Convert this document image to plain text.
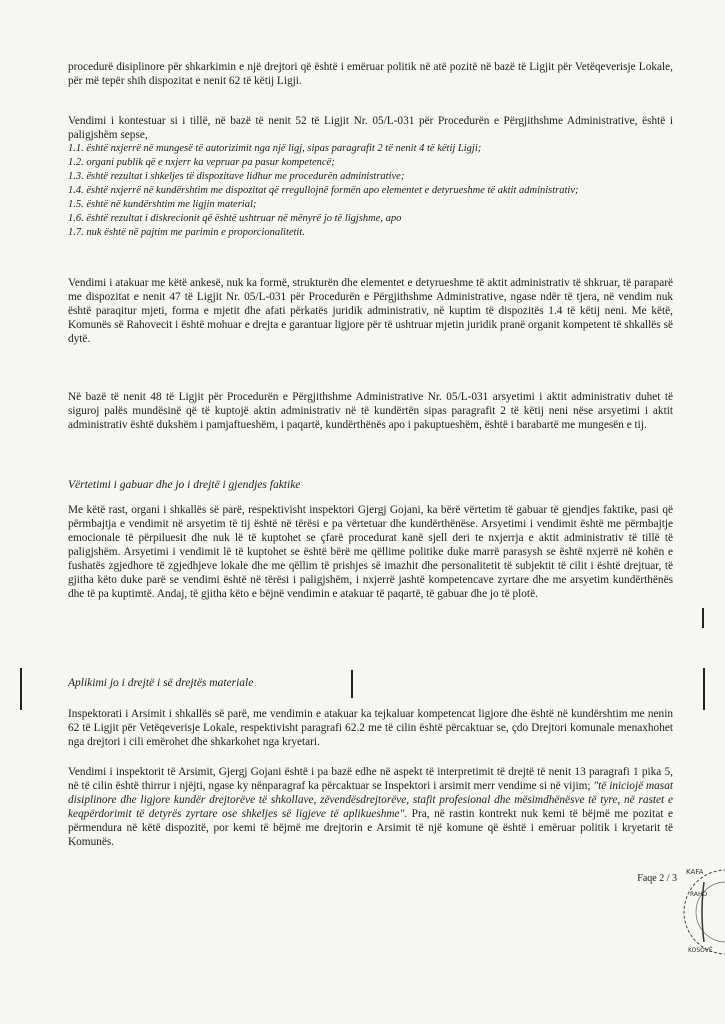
procedurë disiplinore për shkarkimin e një drejtori që është i emëruar politik në atë pozitë në bazë të Ligjit për Vetëqeverisje Lokale, për më tepër shih dispozitat e nenit 62 të këtij Ligji.

Vendimi i kontestuar si i tillë, në bazë të nenit 52 të Ligjit Nr. 05/L-031 për Procedurën e Përgjithshme Administrative, është i paligjshëm sepse,

1.1. është nxjerrë në mungesë të autorizimit nga një ligj, sipas paragrafit 2 të nenit 4 të këtij Ligji;
1.2. organi publik që e nxjerr ka vepruar pa pasur kompetencë;
1.3. është rezultat i shkeljes të dispozitave lidhur me procedurën administrative;
1.4. është nxjerrë në kundërshtim me dispozitat që rregullojnë formën apo elementet e detyrueshme të aktit administrativ;
1.5. është në kundërshtim me ligjin material;
1.6. është rezultat i diskrecionit që është ushtruar në mënyrë jo të ligjshme, apo
1.7. nuk është në pajtim me parimin e proporcionalitetit.

Vendimi i atakuar me këtë ankesë, nuk ka formë, strukturën dhe elementet e detyrueshme të aktit administrativ të shkruar, të paraparë me dispozitat e nenit 47 të Ligjit Nr. 05/L-031 për Procedurën e Përgjithshme Administrative, ngase ndër të tjera, në vendim nuk është paraqitur mjeti, forma e mjetit dhe afati përkatës juridik administrativ, në kuptim të dispozitës 1.4 të këtij neni. Me këtë, Komunës së Rahovecit i është mohuar e drejta e garantuar ligjore për të ushtruar mjetin juridik pranë organit kompetent të shkallës së dytë.

Në bazë të nenit 48 të Ligjit për Procedurën e Përgjithshme Administrative Nr. 05/L-031 arsyetimi i aktit administrativ duhet të siguroj palës mundësinë që të kuptojë aktin administrativ në të kundërtën sipas paragrafit 2 të këtij neni nëse arsyetimi i aktit administrativ është dukshëm i pamjaftueshëm, i paqartë, kundërthënës apo i pakuptueshëm, është i barabartë me mungesën e tij.

Vërtetimi i gabuar dhe jo i drejtë i gjendjes faktike

Me këtë rast, organi i shkallës së parë, respektivisht inspektori Gjergj Gojani, ka bërë vërtetim të gabuar të gjendjes faktike, pasi që përmbajtja e vendimit në arsyetim të tij është në tërësi e pa vërtetuar dhe kundërthënëse. Arsyetimi i vendimit është me përmbajtje emocionale të përpiluesit dhe nuk lë të kuptohet se çfarë procedurat kanë sjell deri te nxjerrja e aktit administrativ të tillë të paligjshëm. Arsyetimi i vendimit lë të kuptohet se është bërë me qëllime politike duke marrë parasysh se është nxjerrë në kohën e fushatës zgjedhore të zgjedhjeve lokale dhe me qëllim të prishjes së imazhit dhe personalitetit të subjektit të cilit i është drejtuar, të gjitha këto duke parë se vendimi është në tërësi i paligjshëm, i nxjerrë jashtë kompetencave zyrtare dhe me arsyetim kundërthënës dhe të pa kuptimtë. Andaj, të gjitha këto e bëjnë vendimin e atakuar të paqartë, të gabuar dhe jo të plotë.

Aplikimi jo i drejtë i së drejtës materiale

Inspektorati i Arsimit i shkallës së parë, me vendimin e atakuar ka tejkaluar kompetencat ligjore dhe është në kundërshtim me nenin 62 të Ligjit për Vetëqeverisje Lokale, respektivisht paragrafi 62.2 me të cilin është përcaktuar se, çdo Drejtori komunale menaxhohet nga drejtori i cili emërohet dhe shkarkohet nga kryetari.

Vendimi i inspektorit të Arsimit, Gjergj Gojani është i pa bazë edhe në aspekt të interpretimit të drejtë të nenit 13 paragrafi 1 pika 5, në të cilin është thirrur i njëjti, ngase ky nënparagraf ka përcaktuar se Inspektori i arsimit merr vendime si në vijim; "të iniciojë masat disiplinore dhe ligjore kundër drejtorëve të shkollave, zëvendësdrejtorëve, stafit profesional dhe mësimdhënësve të tyre, në rastet e keqpërdorimit të detyrës zyrtare ose shkeljes së ligjeve të aplikueshme". Pra, në rastin kontrekt nuk kemi të bëjmë me pozitat e përmendura në këtë dispozitë, por kemi të bëjmë me drejtorin e Arsimit të një komune që është i emëruar politik i kryetarit të Komunës.

Faqe 2 / 3
KAFA
RAHO
KOSOVË
